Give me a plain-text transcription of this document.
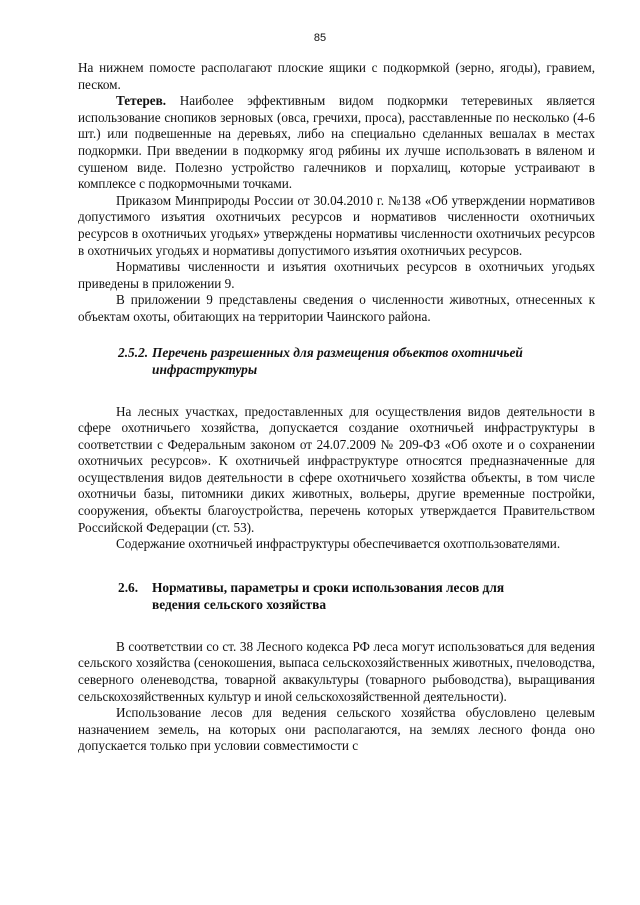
85

На нижнем помосте располагают плоские ящики с подкормкой (зерно, ягоды), гравием, песком.

Тетерев. Наиболее эффективным видом подкормки тетеревиных является использование снопиков зерновых (овса, гречихи, проса), расставленные по несколько (4-6 шт.) или подвешенные на деревьях, либо на специально сделанных вешалах в местах подкормки. При введении в подкормку ягод рябины их лучше использовать в вяленом и сушеном виде. Полезно устройство галечников и порхалищ, которые устраивают в комплексе с подкормочными точками.

Приказом Минприроды России от 30.04.2010 г. №138 «Об утверждении нормативов допустимого изъятия охотничьих ресурсов и нормативов численности охотничьих ресурсов в охотничьих угодьях» утверждены нормативы численности охотничьих ресурсов в охотничьих угодьях и нормативы допустимого изъятия охотничьих ресурсов.

Нормативы численности и изъятия охотничьих ресурсов в охотничьих угодьях приведены в приложении 9.

В приложении 9 представлены сведения о численности животных, отнесенных к объектам охоты, обитающих на территории Чаинского района.

2.5.2. Перечень разрешенных для размещения объектов охотничьей
инфраструктуры

На лесных участках, предоставленных для осуществления видов деятельности в сфере охотничьего хозяйства, допускается создание охотничьей инфраструктуры в соответствии с Федеральным законом от 24.07.2009 № 209-ФЗ «Об охоте и о сохранении охотничьих ресурсов». К охотничьей инфраструктуре относятся предназначенные для осуществления видов деятельности в сфере охотничьего хозяйства объекты, в том числе охотничьи базы, питомники диких животных, вольеры, другие временные постройки, сооружения, объекты благоустройства, перечень которых утверждается Правительством Российской Федерации (ст. 53).

Содержание охотничьей инфраструктуры обеспечивается охотпользователями.

2.6. Нормативы, параметры и сроки использования лесов для
ведения сельского хозяйства

В соответствии со ст. 38 Лесного кодекса РФ леса могут использоваться для ведения сельского хозяйства (сенокошения, выпаса сельскохозяйственных животных, пчеловодства, северного оленеводства, товарной аквакультуры (товарного рыбоводства), выращивания сельскохозяйственных культур и иной сельскохозяйственной деятельности).

Использование лесов для ведения сельского хозяйства обусловлено целевым назначением земель, на которых они располагаются, на землях лесного фонда оно допускается только при условии совместимости с
